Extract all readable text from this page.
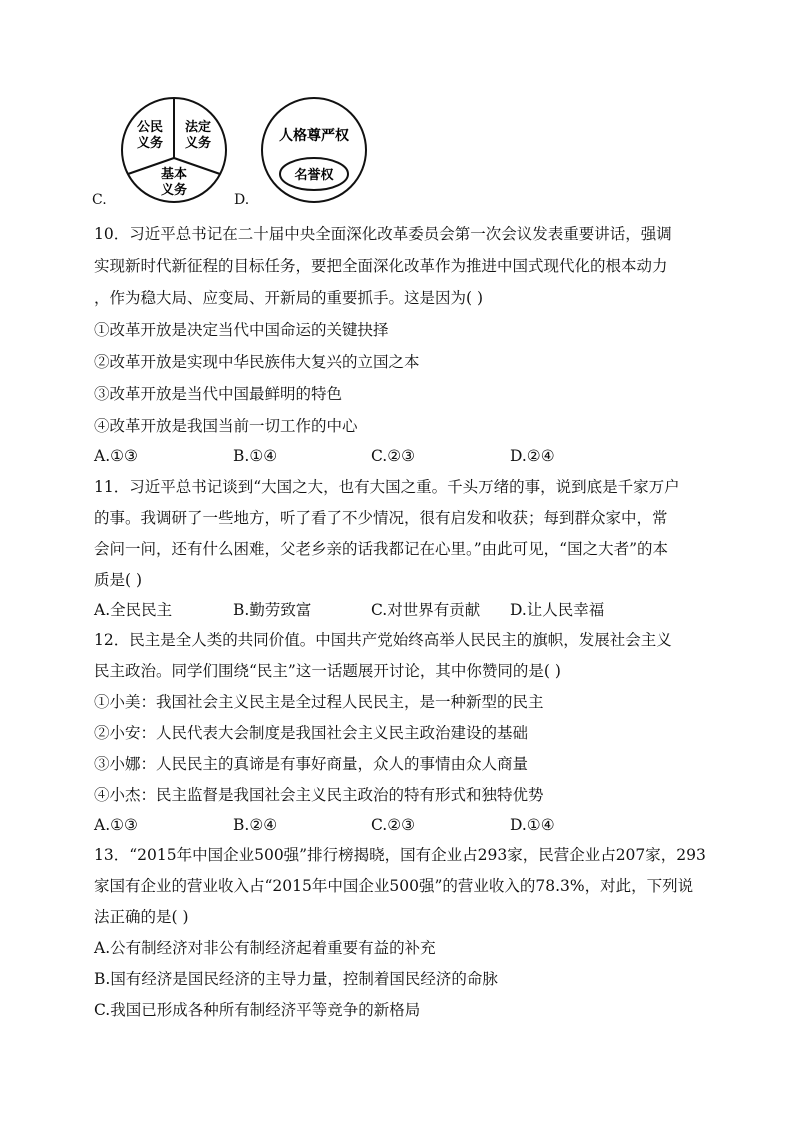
C.
公民
义务
法定
义务
基本
义务
D.
人格尊严权
名誉权
10．习近平总书记在二十届中央全面深化改革委员会第一次会议发表重要讲话，强调
实现新时代新征程的目标任务，要把全面深化改革作为推进中国式现代化的根本动力
，作为稳大局、应变局、开新局的重要抓手。这是因为( )
①改革开放是决定当代中国命运的关键抉择
②改革开放是实现中华民族伟大复兴的立国之本
③改革开放是当代中国最鲜明的特色
④改革开放是我国当前一切工作的中心
A.①③	B.①④	C.②③	D.②④
11．习近平总书记谈到“大国之大，也有大国之重。千头万绪的事，说到底是千家万户
的事。我调研了一些地方，听了看了不少情况，很有启发和收获；每到群众家中，常
会问一问，还有什么困难，父老乡亲的话我都记在心里。”由此可见，“国之大者”的本
质是( )
A.全民民主	B.勤劳致富	C.对世界有贡献 D.让人民幸福
12．民主是全人类的共同价值。中国共产党始终高举人民民主的旗帜，发展社会主义
民主政治。同学们围绕“民主”这一话题展开讨论，其中你赞同的是( )
①小美：我国社会主义民主是全过程人民民主，是一种新型的民主
②小安：人民代表大会制度是我国社会主义民主政治建设的基础
③小娜：人民民主的真谛是有事好商量，众人的事情由众人商量
④小杰：民主监督是我国社会主义民主政治的特有形式和独特优势
A.①③	B.②④	C.②③	D.①④
13．“2015年中国企业500强”排行榜揭晓，国有企业占293家，民营企业占207家，293
家国有企业的营业收入占“2015年中国企业500强”的营业收入的78.3%，对此，下列说
法正确的是( )
A.公有制经济对非公有制经济起着重要有益的补充
B.国有经济是国民经济的主导力量，控制着国民经济的命脉
C.我国已形成各种所有制经济平等竞争的新格局
